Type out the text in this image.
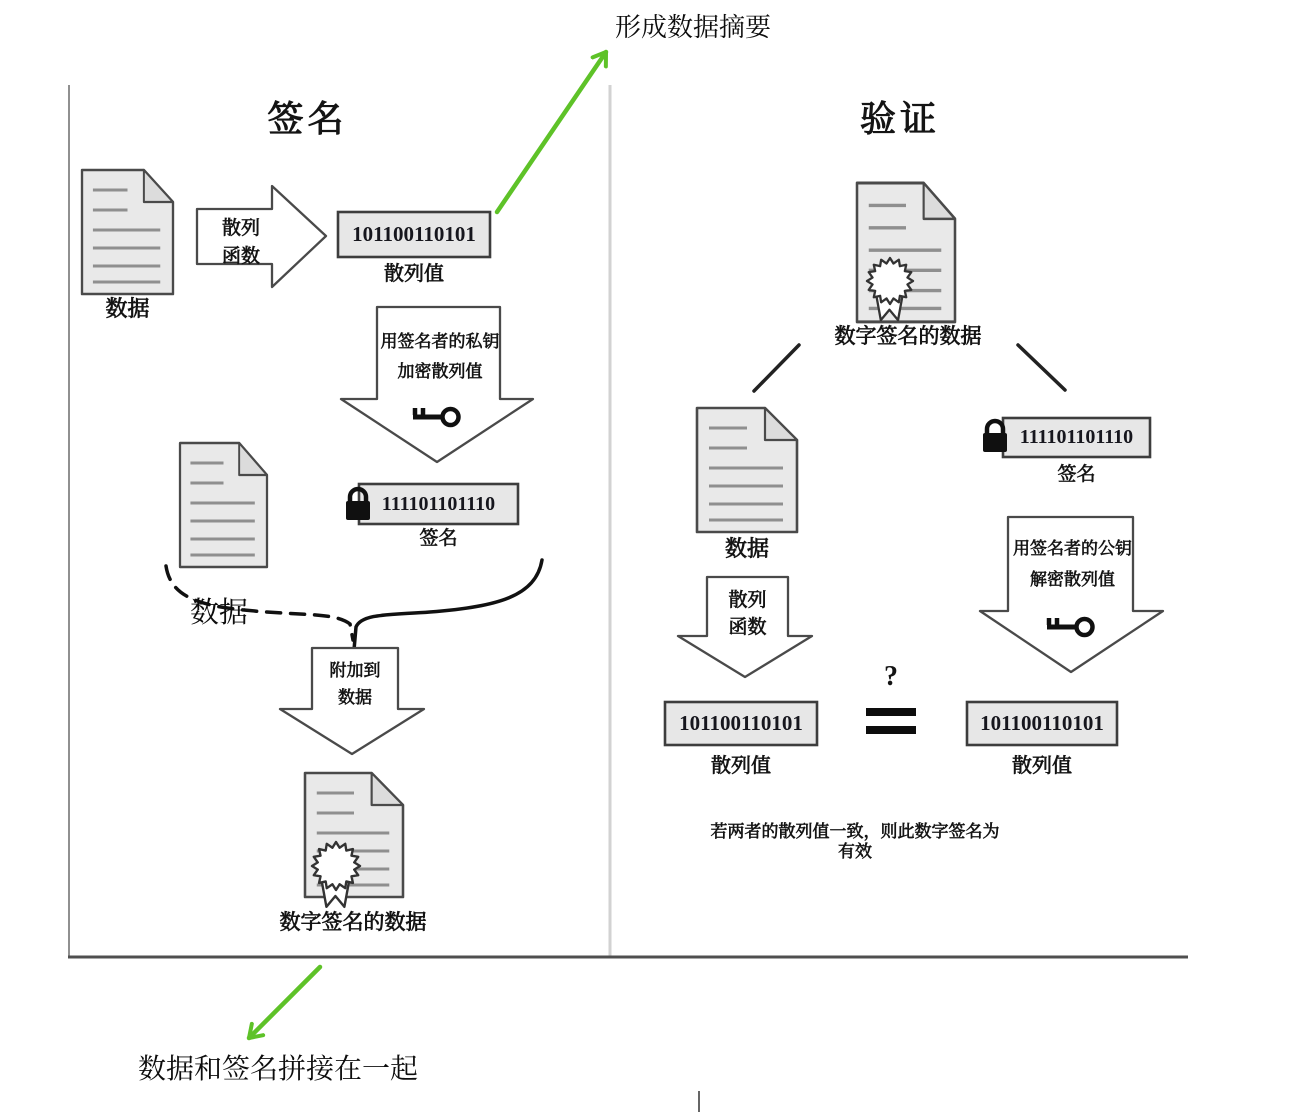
形成数据摘要
数据和签名拼接在一起
数据
签名
数据
散列
函数
101100110101
散列值
用签名者的私钥
加密散列值
111101101110
签名
附加到
数据
数字签名的数据
验证
数字签名的数据
数据
散列
函数
111101101110
签名
用签名者的公钥
解密散列值
101100110101
散列值
101100110101
散列值
?
若两者的散列值一致，则此数字签名为有效
